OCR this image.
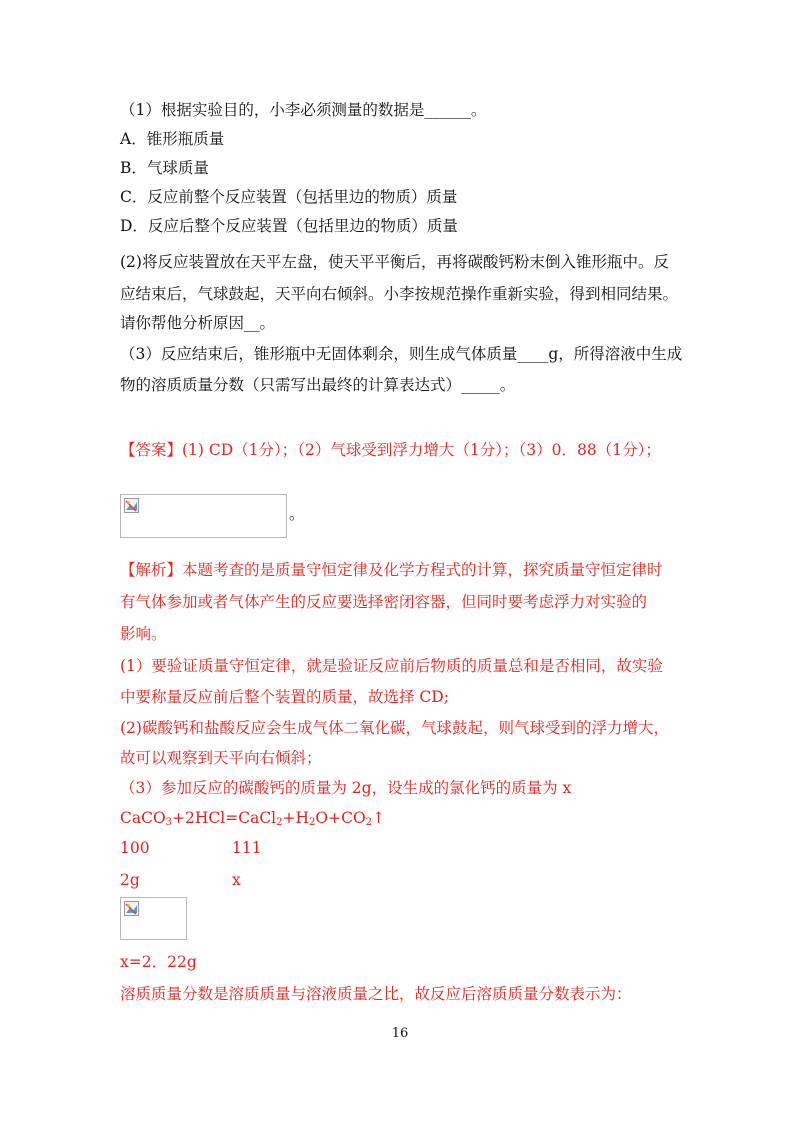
（1）根据实验目的，小李必须测量的数据是______。
A．锥形瓶质量
B．气球质量
C．反应前整个反应装置（包括里边的物质）质量
D．反应后整个反应装置（包括里边的物质）质量
(2)将反应装置放在天平左盘，使天平平衡后，再将碳酸钙粉末倒入锥形瓶中。反
应结束后，气球鼓起，天平向右倾斜。小李按规范操作重新实验，得到相同结果。
请你帮他分析原因__。
（3）反应结束后，锥形瓶中无固体剩余，则生成气体质量____g，所得溶液中生成
物的溶质质量分数（只需写出最终的计算表达式）_____。
【答案】(1) CD（1分）；（2）气球受到浮力增大（1分）；（3）0．88（1分）；
。
【解析】本题考查的是质量守恒定律及化学方程式的计算，探究质量守恒定律时
有气体参加或者气体产生的反应要选择密闭容器，但同时要考虑浮力对实验的
影响。
(1）要验证质量守恒定律，就是验证反应前后物质的质量总和是否相同，故实验
中要称量反应前后整个装置的质量，故选择 CD;
(2)碳酸钙和盐酸反应会生成气体二氧化碳，气球鼓起，则气球受到的浮力增大，
故可以观察到天平向右倾斜；
（3）参加反应的碳酸钙的质量为 2g，设生成的氯化钙的质量为 x
$CaCO_3+2HCl=CaCl_2+H_2O+CO_2↑$
100	111
2g	x
x=2．22g
溶质质量分数是溶质质量与溶液质量之比，故反应后溶质质量分数表示为：
16
